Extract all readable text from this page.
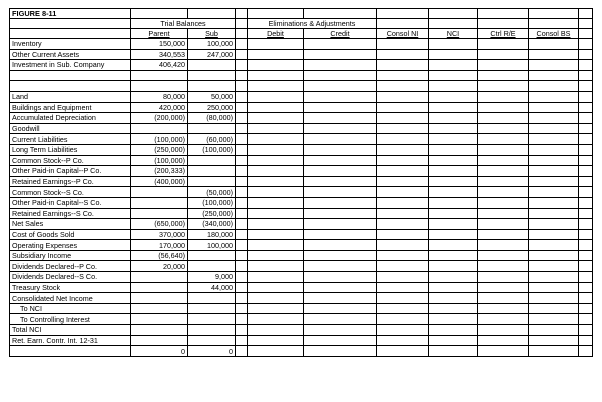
FIGURE 8-11										
	Trial Balances			Eliminations & Adjustments						
	Parent	Sub		Debit	Credit	Consol NI	NCI	Ctrl R/E	Consol BS	
Inventory	150,000	100,000								
Other Current Assets	340,553	247,000								
Investment in Sub. Company	406,420									

Land	80,000	50,000								
Buildings and Equipment	420,000	250,000								
Accumulated Depreciation	(200,000)	(80,000)								
Goodwill										
Current Liabilities	(100,000)	(60,000)								
Long Term Liabilities	(250,000)	(100,000)								
Common Stock--P Co.	(100,000)									
Other Paid-in Capital--P Co.	(200,333)									
Retained Earnings--P Co.	(400,000)									
Common Stock--S Co.		(50,000)								
Other Paid-in Capital--S Co.		(100,000)								
Retained Earnings--S Co.		(250,000)								
Net Sales	(650,000)	(340,000)								
Cost of Goods Sold	370,000	180,000								
Operating Expenses	170,000	100,000								
Subsidiary Income	(56,640)									
Dividends Declared--P Co.	20,000									
Dividends Declared--S Co.		9,000								
Treasury Stock		44,000								
Consolidated Net Income										
To NCI										
To Controlling Interest										
Total NCI										
Ret. Earn. Contr. Int. 12-31										
	0	0								
